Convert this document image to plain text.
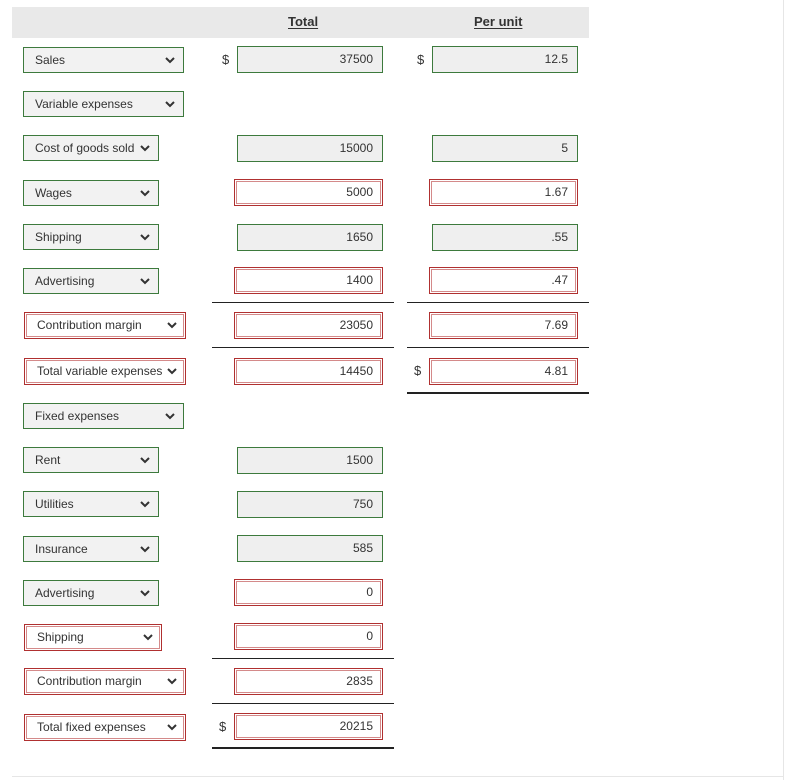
Total	Per unit
Sales	$	37500	$	12.5
Variable expenses
Cost of goods sold	15000	5
Wages	5000	1.67
Shipping	1650	.55
Advertising	1400	.47
Contribution margin	23050	7.69
Total variable expenses	14450	$	4.81
Fixed expenses
Rent	1500
Utilities	750
Insurance	585
Advertising	0
Shipping	0
Contribution margin	2835
Total fixed expenses	$	20215
